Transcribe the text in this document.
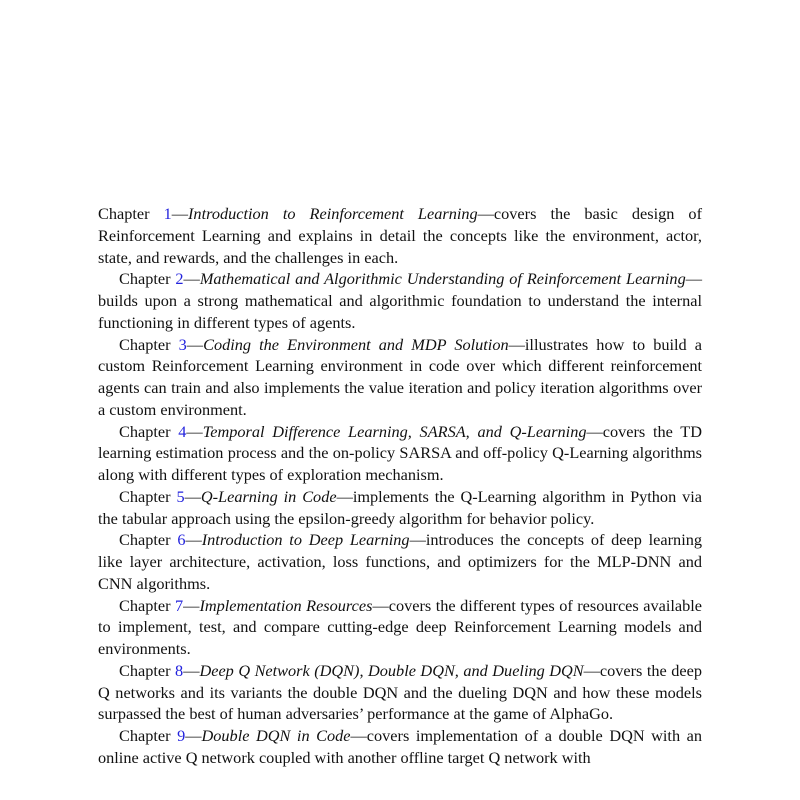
Chapter 1—Introduction to Reinforcement Learning—covers the basic design of Reinforcement Learning and explains in detail the concepts like the environment, actor, state, and rewards, and the challenges in each.

Chapter 2—Mathematical and Algorithmic Understanding of Reinforcement Learning—builds upon a strong mathematical and algorithmic foundation to understand the internal functioning in different types of agents.

Chapter 3—Coding the Environment and MDP Solution—illustrates how to build a custom Reinforcement Learning environment in code over which different reinforcement agents can train and also implements the value iteration and policy iteration algorithms over a custom environment.

Chapter 4—Temporal Difference Learning, SARSA, and Q-Learning—covers the TD learning estimation process and the on-policy SARSA and off-policy Q-Learning algorithms along with different types of exploration mechanism.

Chapter 5—Q-Learning in Code—implements the Q-Learning algorithm in Python via the tabular approach using the epsilon-greedy algorithm for behavior policy.

Chapter 6—Introduction to Deep Learning—introduces the concepts of deep learning like layer architecture, activation, loss functions, and optimizers for the MLP-DNN and CNN algorithms.

Chapter 7—Implementation Resources—covers the different types of resources available to implement, test, and compare cutting-edge deep Reinforcement Learning models and environments.

Chapter 8—Deep Q Network (DQN), Double DQN, and Dueling DQN—covers the deep Q networks and its variants the double DQN and the dueling DQN and how these models surpassed the best of human adversaries’ performance at the game of AlphaGo.

Chapter 9—Double DQN in Code—covers implementation of a double DQN with an online active Q network coupled with another offline target Q network with
